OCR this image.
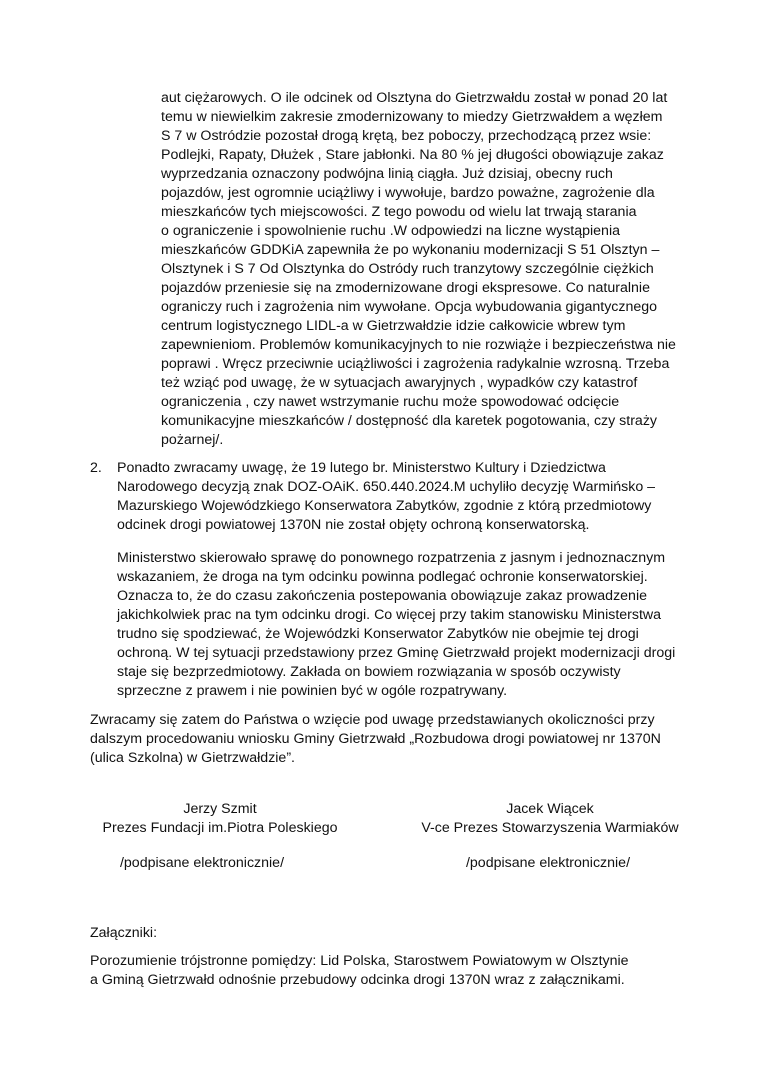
aut ciężarowych. O ile odcinek od Olsztyna do Gietrzwałdu został w ponad 20 lat
temu w niewielkim zakresie zmodernizowany to miedzy Gietrzwałdem a węzłem
S 7 w Ostródzie pozostał drogą krętą, bez poboczy, przechodzącą przez wsie:
Podlejki, Rapaty, Dłużek , Stare jabłonki. Na 80 % jej długości obowiązuje zakaz
wyprzedzania oznaczony podwójna linią ciągła. Już dzisiaj, obecny ruch
pojazdów, jest ogromnie uciążliwy i wywołuje, bardzo poważne, zagrożenie dla
mieszkańców tych miejscowości. Z tego powodu od wielu lat trwają starania
o ograniczenie i spowolnienie ruchu .W odpowiedzi na liczne wystąpienia
mieszkańców GDDKiA zapewniła że po wykonaniu modernizacji S 51 Olsztyn –
Olsztynek i S 7 Od Olsztynka do Ostródy ruch tranzytowy szczególnie ciężkich
pojazdów przeniesie się na zmodernizowane drogi ekspresowe. Co naturalnie
ograniczy ruch i zagrożenia nim wywołane. Opcja wybudowania gigantycznego
centrum logistycznego LIDL-a w Gietrzwałdzie idzie całkowicie wbrew tym
zapewnieniom. Problemów komunikacyjnych to nie rozwiąże i bezpieczeństwa nie
poprawi . Wręcz przeciwnie uciążliwości i zagrożenia radykalnie wzrosną. Trzeba
też wziąć pod uwagę, że w sytuacjach awaryjnych , wypadków czy katastrof
ograniczenia , czy nawet wstrzymanie ruchu może spowodować odcięcie
komunikacyjne mieszkańców / dostępność dla karetek pogotowania, czy straży
pożarnej/.
2. Ponadto zwracamy uwagę, że 19 lutego br. Ministerstwo Kultury i Dziedzictwa
Narodowego decyzją znak DOZ-OAiK. 650.440.2024.M uchyliło decyzję Warmińsko –
Mazurskiego Wojewódzkiego Konserwatora Zabytków, zgodnie z którą przedmiotowy
odcinek drogi powiatowej 1370N nie został objęty ochroną konserwatorską.
Ministerstwo skierowało sprawę do ponownego rozpatrzenia z jasnym i jednoznacznym
wskazaniem, że droga na tym odcinku powinna podlegać ochronie konserwatorskiej.
Oznacza to, że do czasu zakończenia postepowania obowiązuje zakaz prowadzenie
jakichkolwiek prac na tym odcinku drogi. Co więcej przy takim stanowisku Ministerstwa
trudno się spodziewać, że Wojewódzki Konserwator Zabytków nie obejmie tej drogi
ochroną. W tej sytuacji przedstawiony przez Gminę Gietrzwałd projekt modernizacji drogi
staje się bezprzedmiotowy. Zakłada on bowiem rozwiązania w sposób oczywisty
sprzeczne z prawem i nie powinien być w ogóle rozpatrywany.
Zwracamy się zatem do Państwa o wzięcie pod uwagę przedstawianych okoliczności przy
dalszym procedowaniu wniosku Gminy Gietrzwałd „Rozbudowa drogi powiatowej nr 1370N
(ulica Szkolna) w Gietrzwałdzie”.
Jerzy Szmit
Prezes Fundacji im.Piotra Poleskiego
/podpisane elektronicznie/
Jacek Wiącek
V-ce Prezes Stowarzyszenia Warmiaków
/podpisane elektronicznie/
Załączniki:
Porozumienie trójstronne pomiędzy: Lid Polska, Starostwem Powiatowym w Olsztynie
a Gminą Gietrzwałd odnośnie przebudowy odcinka drogi 1370N wraz z załącznikami.
